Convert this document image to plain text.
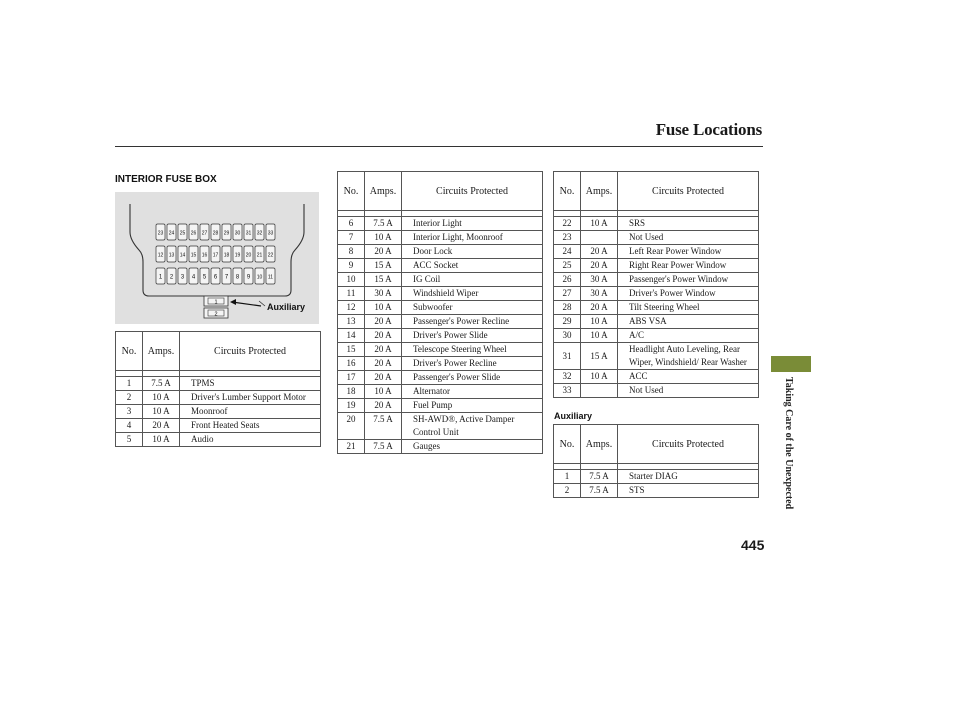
Fuse Locations
INTERIOR FUSE BOX
23 24 25 26 27 28 29 30 31 32 33
12 13 14 15 16 17 18 19 20 21 22
1 2 3 4 5 6 7 8 9 10 11
1
2
Auxiliary
No.	Amps.	Circuits Protected

1	7.5 A	TPMS
2	10 A	Driver's Lumber Support Motor
3	10 A	Moonroof
4	20 A	Front Heated Seats
5	10 A	Audio
No.	Amps.	Circuits Protected

6	7.5 A	Interior Light
7	10 A	Interior Light, Moonroof
8	20 A	Door Lock
9	15 A	ACC Socket
10	15 A	IG Coil
11	30 A	Windshield Wiper
12	10 A	Subwoofer
13	20 A	Passenger's Power Recline
14	20 A	Driver's Power Slide
15	20 A	Telescope Steering Wheel
16	20 A	Driver's Power Recline
17	20 A	Passenger's Power Slide
18	10 A	Alternator
19	20 A	Fuel Pump
20	7.5 A	SH-AWD®, Active Damper Control Unit
21	7.5 A	Gauges
No.	Amps.	Circuits Protected

22	10 A	SRS
23		Not Used
24	20 A	Left Rear Power Window
25	20 A	Right Rear Power Window
26	30 A	Passenger's Power Window
27	30 A	Driver's Power Window
28	20 A	Tilt Steering Wheel
29	10 A	ABS VSA
30	10 A	A/C
31	15 A	Headlight Auto Leveling, Rear Wiper, Windshield/ Rear Washer
32	10 A	ACC
33		Not Used
Auxiliary
No.	Amps.	Circuits Protected

1	7.5 A	Starter DIAG
2	7.5 A	STS	Taking Care of the Unexpected
445
